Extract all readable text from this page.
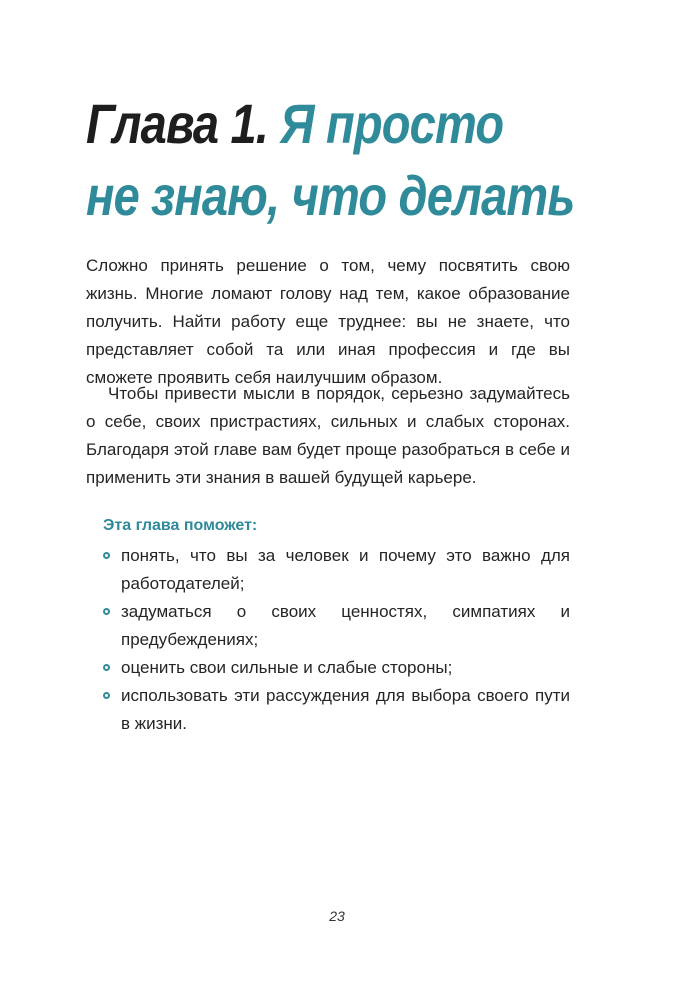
Глава 1. Я просто
не знаю, что делать

Сложно принять решение о том, чему посвятить свою жизнь. Многие ломают голову над тем, какое образование получить. Найти работу еще труднее: вы не знаете, что представляет собой та или иная профессия и где вы сможете проявить себя наилучшим образом.

Чтобы привести мысли в порядок, серьезно задумайтесь о себе, своих пристрастиях, сильных и слабых сторонах. Благодаря этой главе вам будет проще разобраться в себе и применить эти знания в вашей будущей карьере.

Эта глава поможет:

понять, что вы за человек и почему это важно для работодателей;
задуматься о своих ценностях, симпатиях и предубеждениях;
оценить свои сильные и слабые стороны;
использовать эти рассуждения для выбора своего пути в жизни.

23
